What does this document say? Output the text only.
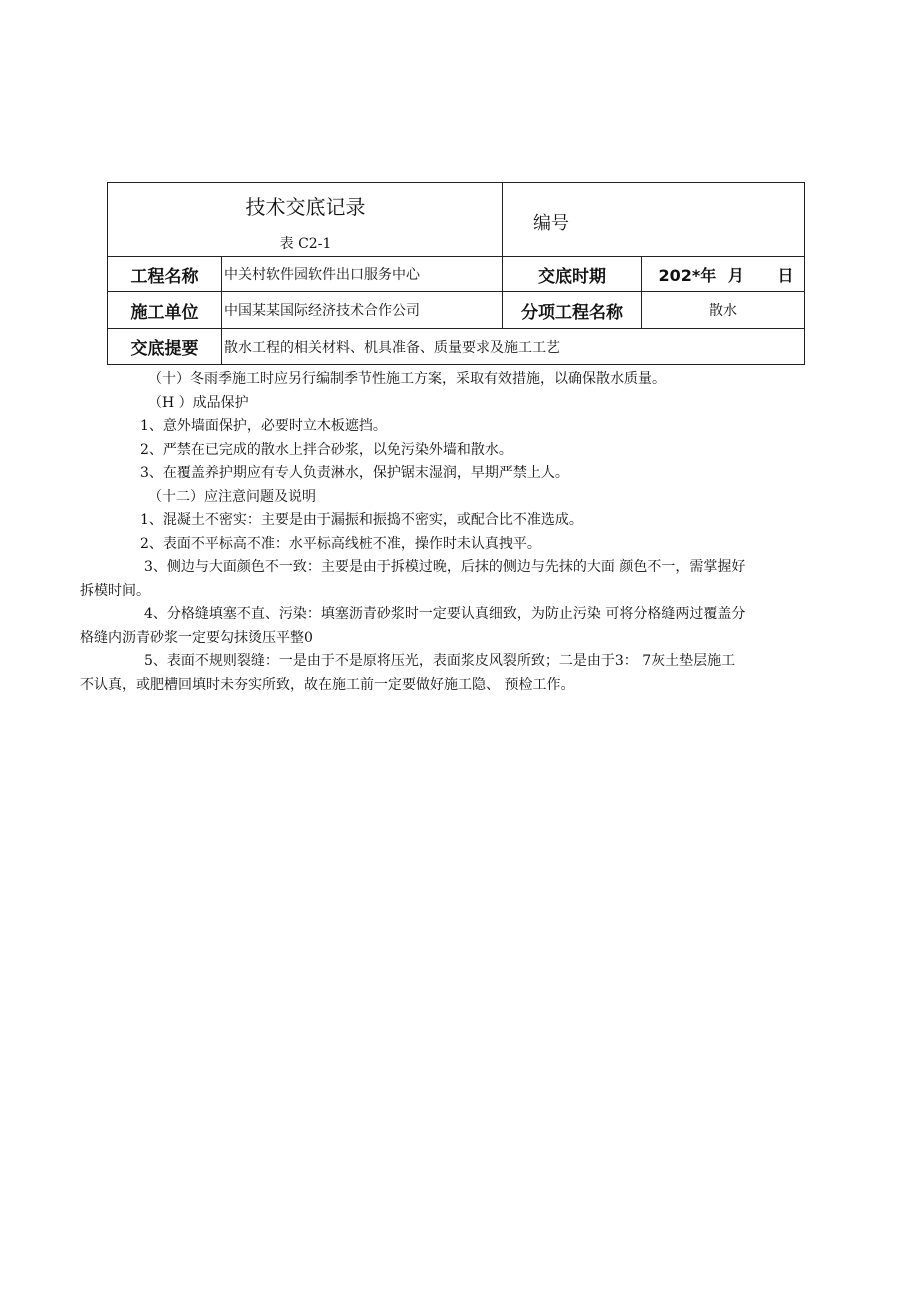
技术交底记录
表 C2-1		编号	
工程名称	中关村软件园软件出口服务中心	交底时期	202*年 月 日
施工单位	中国某某国际经济技术合作公司	分项工程名称	散水
交底提要	散水工程的相关材料、机具准备、质量要求及施工工艺		

（十）冬雨季施工时应另行编制季节性施工方案，采取有效措施，以确保散水质量。

（H ）成品保护

1、意外墙面保护，必要时立木板遮挡。

2、严禁在已完成的散水上拌合砂浆，以免污染外墙和散水。

3、在覆盖养护期应有专人负责淋水，保护锯末湿润，早期严禁上人。

（十二）应注意问题及说明

1、混凝土不密实：主要是由于漏振和振捣不密实，或配合比不准选成。

2、表面不平标高不准：水平标高线桩不准，操作时未认真拽平。

3、侧边与大面颜色不一致：主要是由于拆模过晚，后抹的侧边与先抹的大面 颜色不一，需掌握好

拆模时间。

4、分格缝填塞不直、污染：填塞沥青砂浆时一定要认真细致，为防止污染 可将分格缝两过覆盖分

格缝内沥青砂浆一定要勾抹烫压平整0

5、表面不规则裂缝：一是由于不是原将压光，表面浆皮风裂所致；二是由于3： 7灰土垫层施工

不认真，或肥槽回填时未夯实所致，故在施工前一定要做好施工隐、 预检工作。
